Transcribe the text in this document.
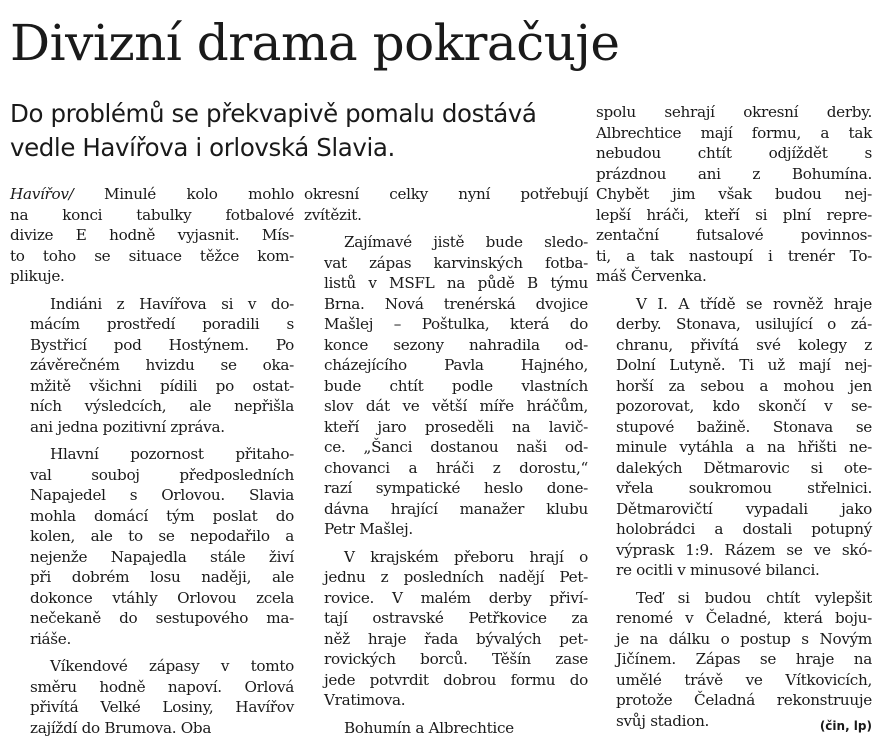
Divizní drama pokračuje
Do problémů se překvapivě pomalu dostává
vedle Havířova i orlovská Slavia.

Havířov/ Minulé kolo mohlo
na konci tabulky fotbalové
divize E hodně vyjasnit. Mís-
to toho se situace těžce kom-
plikuje.

Indiáni z Havířova si v do-
mácím prostředí poradili s
Bystřicí pod Hostýnem. Po
závěrečném hvizdu se oka-
mžitě všichni pídili po ostat-
ních výsledcích, ale nepřišla
ani jedna pozitivní zpráva.

Hlavní pozornost přitaho-
val souboj předposledních
Napajedel s Orlovou. Slavia
mohla domácí tým poslat do
kolen, ale to se nepodařilo a
nejenže Napajedla stále živí
při dobrém losu naději, ale
dokonce vtáhly Orlovou zcela
nečekaně do sestupového ma-
riáše.

Víkendové zápasy v tomto
směru hodně napoví. Orlová
přivítá Velké Losiny, Havířov
zajíždí do Brumova. Oba

okresní celky nyní potřebují
zvítězit.

Zajímavé jistě bude sledo-
vat zápas karvinských fotba-
listů v MSFL na půdě B týmu
Brna. Nová trenérská dvojice
Mašlej – Poštulka, která do
konce sezony nahradila od-
cházejícího Pavla Hajného,
bude chtít podle vlastních
slov dát ve větší míře hráčům,
kteří jaro proseděli na lavič-
ce. „Šanci dostanou naši od-
chovanci a hráči z dorostu,“
razí sympatické heslo done-
dávna hrající manažer klubu
Petr Mašlej.

V krajském přeboru hrají o
jednu z posledních nadějí Pet-
rovice. V malém derby přiví-
tají ostravské Petřkovice za
něž hraje řada bývalých pet-
rovických borců. Těšín zase
jede potvrdit dobrou formu do
Vratimova.

Bohumín a Albrechtice

spolu sehrají okresní derby.
Albrechtice mají formu, a tak
nebudou chtít odjíždět s
prázdnou ani z Bohumína.
Chybět jim však budou nej-
lepší hráči, kteří si plní repre-
zentační futsalové povinnos-
ti, a tak nastoupí i trenér To-
máš Červenka.

V I. A třídě se rovněž hraje
derby. Stonava, usilující o zá-
chranu, přivítá své kolegy z
Dolní Lutyně. Ti už mají nej-
horší za sebou a mohou jen
pozorovat, kdo skončí v se-
stupové bažině. Stonava se
minule vytáhla a na hřišti ne-
dalekých Dětmarovic si ote-
vřela soukromou střelnici.
Dětmarovičtí vypadali jako
holobrádci a dostali potupný
výprask 1:9. Rázem se ve skó-
re ocitli v minusové bilanci.

Teď si budou chtít vylepšit
renomé v Čeladné, která boju-
je na dálku o postup s Novým
Jičínem. Zápas se hraje na
umělé trávě ve Vítkovicích,
protože Čeladná rekonstruuje
svůj stadion.	(čin, lp)
